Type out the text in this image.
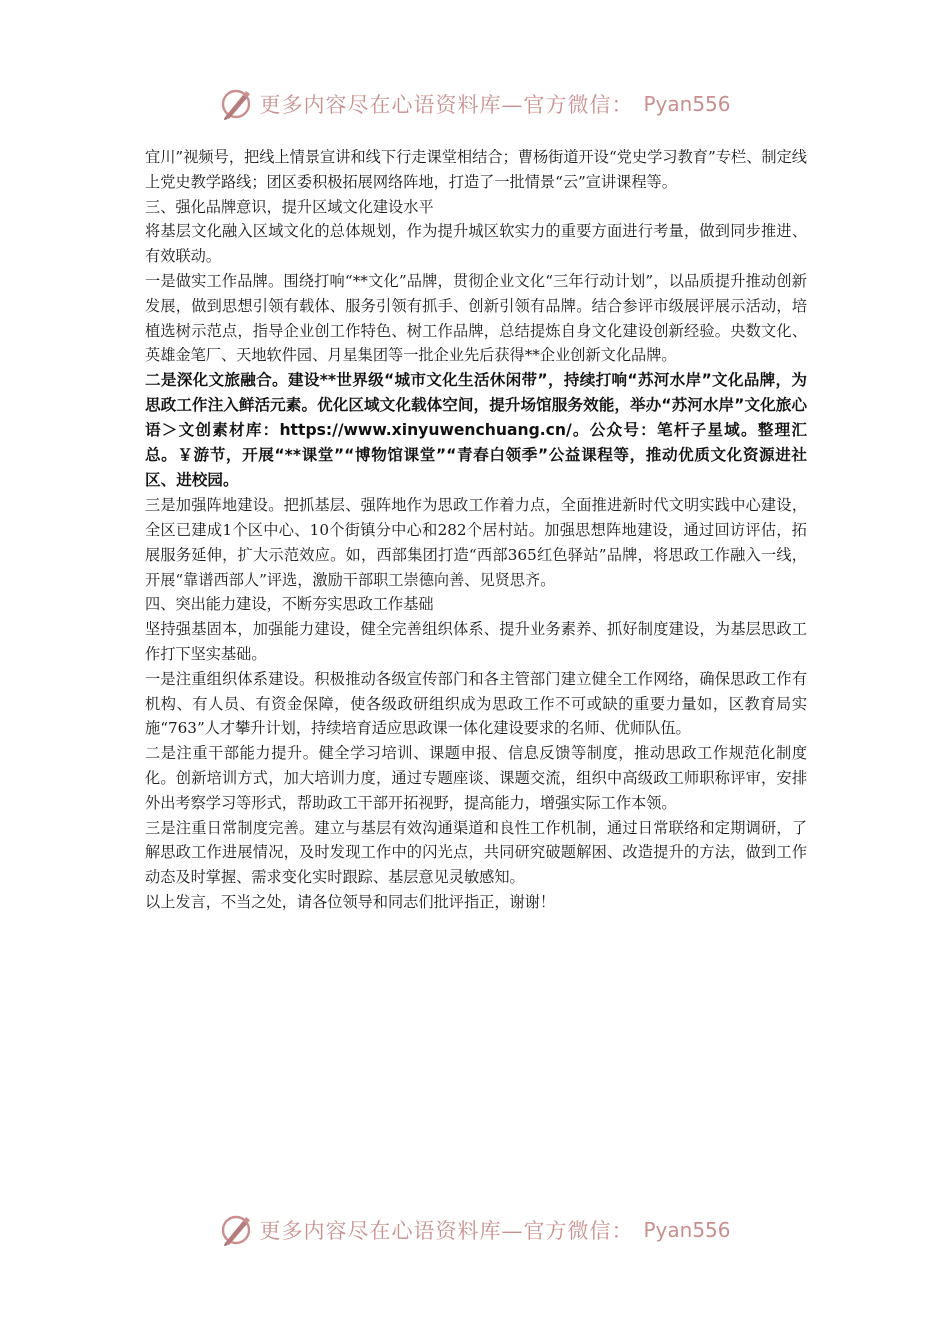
更多内容尽在心语资料库—官方微信： Pyan556

宜川”视频号，把线上情景宣讲和线下行走课堂相结合；曹杨街道开设“党史学习教育”专栏、制定线上党史教学路线；团区委积极拓展网络阵地，打造了一批情景“云”宣讲课程等。

三、强化品牌意识，提升区域文化建设水平

将基层文化融入区域文化的总体规划，作为提升城区软实力的重要方面进行考量，做到同步推进、有效联动。

一是做实工作品牌。围绕打响“**文化”品牌，贯彻企业文化“三年行动计划”，以品质提升推动创新发展，做到思想引领有载体、服务引领有抓手、创新引领有品牌。结合参评市级展评展示活动，培植选树示范点，指导企业创工作特色、树工作品牌，总结提炼自身文化建设创新经验。央数文化、英雄金笔厂、天地软件园、月星集团等一批企业先后获得**企业创新文化品牌。

二是深化文旅融合。建设**世界级“城市文化生活休闲带”，持续打响“苏河水岸”文化品牌，为思政工作注入鲜活元素。优化区域文化载体空间，提升场馆服务效能，举办“苏河水岸”文化旅心语＞文创素材库：https://www.xinyuwenchuang.cn/。公众号：笔杆子星域。整理汇总。￥游节，开展“**课堂”“博物馆课堂”“青春白领季”公益课程等，推动优质文化资源进社区、进校园。

三是加强阵地建设。把抓基层、强阵地作为思政工作着力点，全面推进新时代文明实践中心建设，全区已建成1个区中心、10个街镇分中心和282个居村站。加强思想阵地建设，通过回访评估，拓展服务延伸，扩大示范效应。如，西部集团打造“西部365红色驿站”品牌，将思政工作融入一线，开展“靠谱西部人”评选，激励干部职工崇德向善、见贤思齐。

四、突出能力建设，不断夯实思政工作基础

坚持强基固本，加强能力建设，健全完善组织体系、提升业务素养、抓好制度建设，为基层思政工作打下坚实基础。

一是注重组织体系建设。积极推动各级宣传部门和各主管部门建立健全工作网络，确保思政工作有机构、有人员、有资金保障，使各级政研组织成为思政工作不可或缺的重要力量如，区教育局实施“763”人才攀升计划，持续培育适应思政课一体化建设要求的名师、优师队伍。

二是注重干部能力提升。健全学习培训、课题申报、信息反馈等制度，推动思政工作规范化制度化。创新培训方式，加大培训力度，通过专题座谈、课题交流，组织中高级政工师职称评审，安排外出考察学习等形式，帮助政工干部开拓视野，提高能力，增强实际工作本领。

三是注重日常制度完善。建立与基层有效沟通渠道和良性工作机制，通过日常联络和定期调研，了解思政工作进展情况，及时发现工作中的闪光点，共同研究破题解困、改造提升的方法，做到工作动态及时掌握、需求变化实时跟踪、基层意见灵敏感知。

以上发言，不当之处，请各位领导和同志们批评指正，谢谢！

更多内容尽在心语资料库—官方微信： Pyan556
